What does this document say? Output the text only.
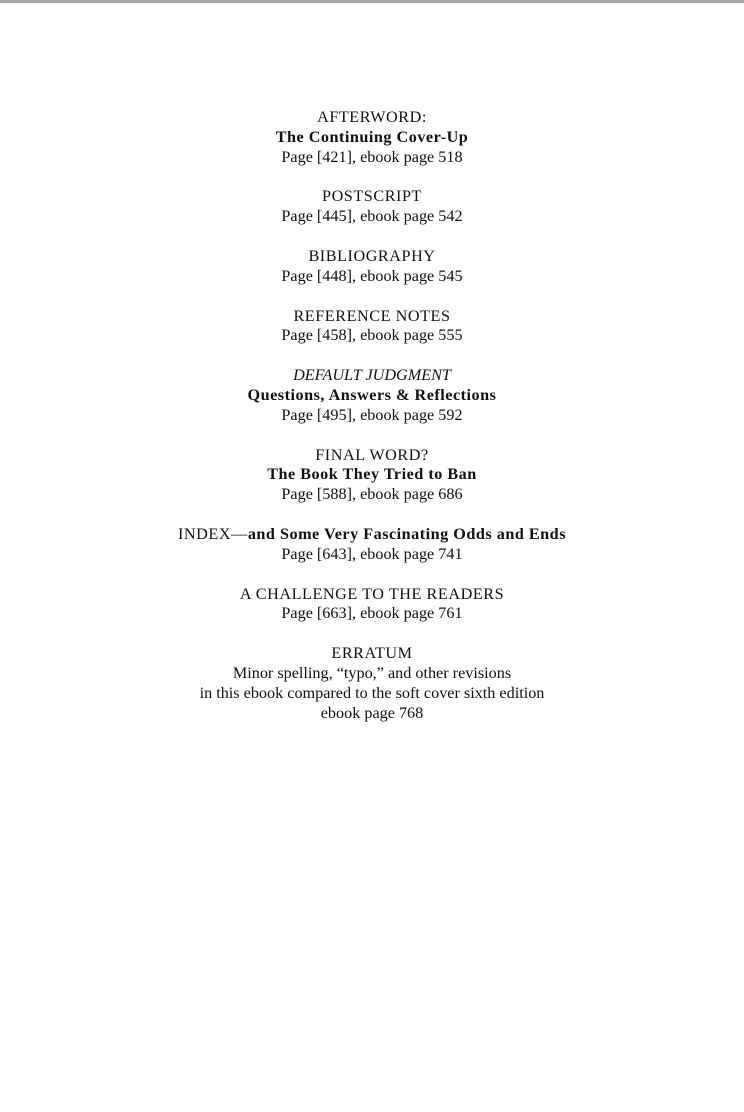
AFTERWORD:
The Continuing Cover-Up
Page [421], ebook page 518
POSTSCRIPT
Page [445], ebook page 542
BIBLIOGRAPHY
Page [448], ebook page 545
REFERENCE NOTES
Page [458], ebook page 555
DEFAULT JUDGMENT
Questions, Answers & Reflections
Page [495], ebook page 592
FINAL WORD?
The Book They Tried to Ban
Page [588], ebook page 686
INDEX—and Some Very Fascinating Odds and Ends
Page [643], ebook page 741
A CHALLENGE TO THE READERS
Page [663], ebook page 761
ERRATUM
Minor spelling, “typo,” and other revisions
in this ebook compared to the soft cover sixth edition
ebook page 768
